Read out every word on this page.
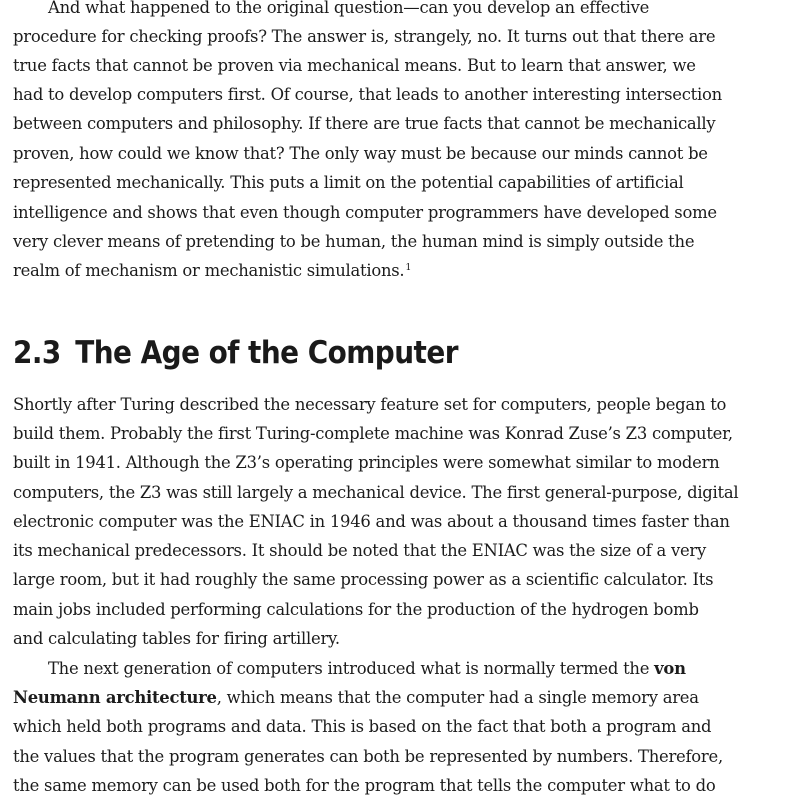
And what happened to the original question—can you develop an effective
procedure for checking proofs? The answer is, strangely, no. It turns out that there are
true facts that cannot be proven via mechanical means. But to learn that answer, we
had to develop computers first. Of course, that leads to another interesting intersection
between computers and philosophy. If there are true facts that cannot be mechanically
proven, how could we know that? The only way must be because our minds cannot be
represented mechanically. This puts a limit on the potential capabilities of artificial
intelligence and shows that even though computer programmers have developed some
very clever means of pretending to be human, the human mind is simply outside the
realm of mechanism or mechanistic simulations.$^1$
2.3 The Age of the Computer
Shortly after Turing described the necessary feature set for computers, people began to
build them. Probably the first Turing-complete machine was Konrad Zuse’s Z3 computer,
built in 1941. Although the Z3’s operating principles were somewhat similar to modern
computers, the Z3 was still largely a mechanical device. The first general-purpose, digital
electronic computer was the ENIAC in 1946 and was about a thousand times faster than
its mechanical predecessors. It should be noted that the ENIAC was the size of a very
large room, but it had roughly the same processing power as a scientific calculator. Its
main jobs included performing calculations for the production of the hydrogen bomb
and calculating tables for firing artillery.
The next generation of computers introduced what is normally termed the von
Neumann architecture, which means that the computer had a single memory area
which held both programs and data. This is based on the fact that both a program and
the values that the program generates can both be represented by numbers. Therefore,
the same memory can be used both for the program that tells the computer what to do
